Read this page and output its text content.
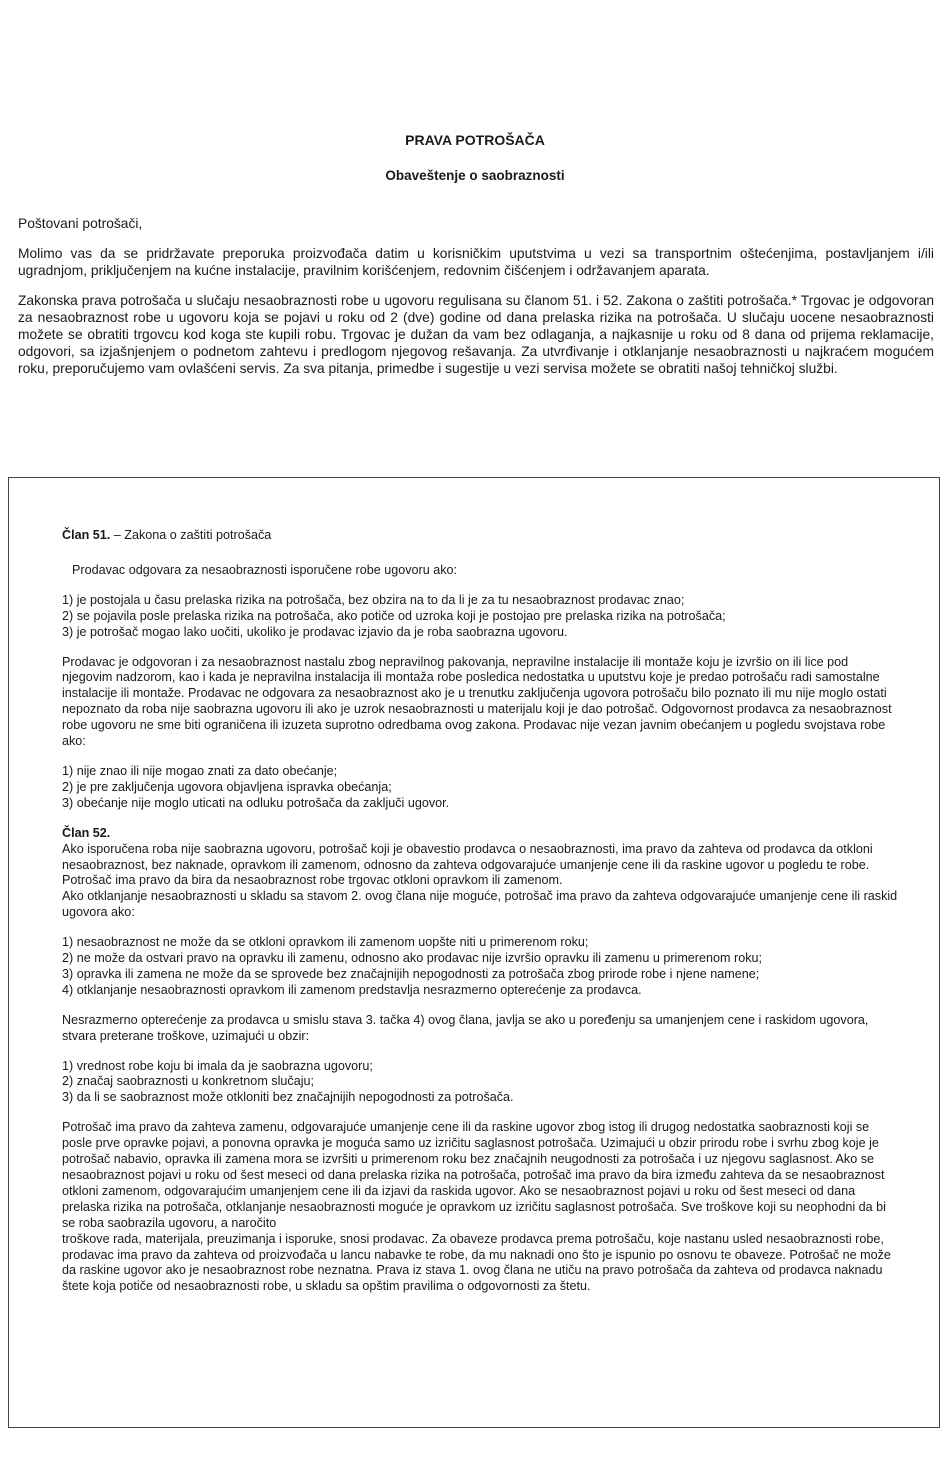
PRAVA POTROŠAČA
Obaveštenje o saobraznosti

Poštovani potrošači,

Molimo vas da se pridržavate preporuka proizvođača datim u korisničkim uputstvima u vezi sa transportnim oštećenjima, postavljanjem i/ili ugradnjom, priključenjem na kućne instalacije, pravilnim korišćenjem, redovnim čišćenjem i održavanjem aparata.

Zakonska prava potrošača u slučaju nesaobraznosti robe u ugovoru regulisana su članom 51. i 52. Zakona o zaštiti potrošača.* Trgovac je odgovoran za nesaobraznost robe u ugovoru koja se pojavi u roku od 2 (dve) godine od dana prelaska rizika na potrošača. U slučaju uocene nesaobraznosti možete se obratiti trgovcu kod koga ste kupili robu. Trgovac je dužan da vam bez odlaganja, a najkasnije u roku od 8 dana od prijema reklamacije, odgovori, sa izjašnjenjem o podnetom zahtevu i predlogom njegovog rešavanja. Za utvrđivanje i otklanjanje nesaobraznosti u najkraćem mogućem roku, preporučujemo vam ovlašćeni servis. Za sva pitanja, primedbe i sugestije u vezi servisa možete se obratiti našoj tehničkoj službi.

Član 51. – Zakona o zaštiti potrošača

Prodavac odgovara za nesaobraznosti isporučene robe ugovoru ako:

1) je postojala u času prelaska rizika na potrošača, bez obzira na to da li je za tu nesaobraznost prodavac znao;

2) se pojavila posle prelaska rizika na potrošača, ako potiče od uzroka koji je postojao pre prelaska rizika na potrošača;

3) je potrošač mogao lako uočiti, ukoliko je prodavac izjavio da je roba saobrazna ugovoru.

Prodavac je odgovoran i za nesaobraznost nastalu zbog nepravilnog pakovanja, nepravilne instalacije ili montaže koju je izvršio on ili lice pod njegovim nadzorom, kao i kada je nepravilna instalacija ili montaža robe posledica nedostatka u uputstvu koje je predao potrošaču radi samostalne instalacije ili montaže. Prodavac ne odgovara za nesaobraznost ako je u trenutku zaključenja ugovora potrošaču bilo poznato ili mu nije moglo ostati nepoznato da roba nije saobrazna ugovoru ili ako je uzrok nesaobraznosti u materijalu koji je dao potrošač. Odgovornost prodavca za nesaobraznost robe ugovoru ne sme biti ograničena ili izuzeta suprotno odredbama ovog zakona. Prodavac nije vezan javnim obećanjem u pogledu svojstava robe ako:

1) nije znao ili nije mogao znati za dato obećanje;

2) je pre zaključenja ugovora objavljena ispravka obećanja;

3) obećanje nije moglo uticati na odluku potrošača da zaključi ugovor.

Član 52.

Ako isporučena roba nije saobrazna ugovoru, potrošač koji je obavestio prodavca o nesaobraznosti, ima pravo da zahteva od prodavca da otkloni nesaobraznost, bez naknade, opravkom ili zamenom, odnosno da zahteva odgovarajuće umanjenje cene ili da raskine ugovor u pogledu te robe. Potrošač ima pravo da bira da nesaobraznost robe trgovac otkloni opravkom ili zamenom.

Ako otklanjanje nesaobraznosti u skladu sa stavom 2. ovog člana nije moguće, potrošač ima pravo da zahteva odgovarajuće umanjenje cene ili raskid ugovora ako:

1) nesaobraznost ne može da se otkloni opravkom ili zamenom uopšte niti u primerenom roku;

2) ne može da ostvari pravo na opravku ili zamenu, odnosno ako prodavac nije izvršio opravku ili zamenu u primerenom roku;

3) opravka ili zamena ne može da se sprovede bez značajnijih nepogodnosti za potrošača zbog prirode robe i njene namene;

4) otklanjanje nesaobraznosti opravkom ili zamenom predstavlja nesrazmerno opterećenje za prodavca.

Nesrazmerno opterećenje za prodavca u smislu stava 3. tačka 4) ovog člana, javlja se ako u poređenju sa umanjenjem cene i raskidom ugovora, stvara preterane troškove, uzimajući u obzir:

1) vrednost robe koju bi imala da je saobrazna ugovoru;

2) značaj saobraznosti u konkretnom slučaju;

3) da li se saobraznost može otkloniti bez značajnijih nepogodnosti za potrošača.

Potrošač ima pravo da zahteva zamenu, odgovarajuće umanjenje cene ili da raskine ugovor zbog istog ili drugog nedostatka saobraznosti koji se posle prve opravke pojavi, a ponovna opravka je moguća samo uz izričitu saglasnost potrošača. Uzimajući u obzir prirodu robe i svrhu zbog koje je potrošač nabavio, opravka ili zamena mora se izvršiti u primerenom roku bez značajnih neugodnosti za potrošača i uz njegovu saglasnost. Ako se nesaobraznost pojavi u roku od šest meseci od dana prelaska rizika na potrošača, potrošač ima pravo da bira između zahteva da se nesaobraznost otkloni zamenom, odgovarajućim umanjenjem cene ili da izjavi da raskida ugovor. Ako se nesaobraznost pojavi u roku od šest meseci od dana prelaska rizika na potrošača, otklanjanje nesaobraznosti moguće je opravkom uz izričitu saglasnost potrošača. Sve troškove koji su neophodni da bi se roba saobrazila ugovoru, a naročito

troškove rada, materijala, preuzimanja i isporuke, snosi prodavac. Za obaveze prodavca prema potrošaču, koje nastanu usled nesaobraznosti robe, prodavac ima pravo da zahteva od proizvođača u lancu nabavke te robe, da mu naknadi ono što je ispunio po osnovu te obaveze. Potrošač ne može da raskine ugovor ako je nesaobraznost robe neznatna. Prava iz stava 1. ovog člana ne utiču na pravo potrošača da zahteva od prodavca naknadu štete koja potiče od nesaobraznosti robe, u skladu sa opštim pravilima o odgovornosti za štetu.
